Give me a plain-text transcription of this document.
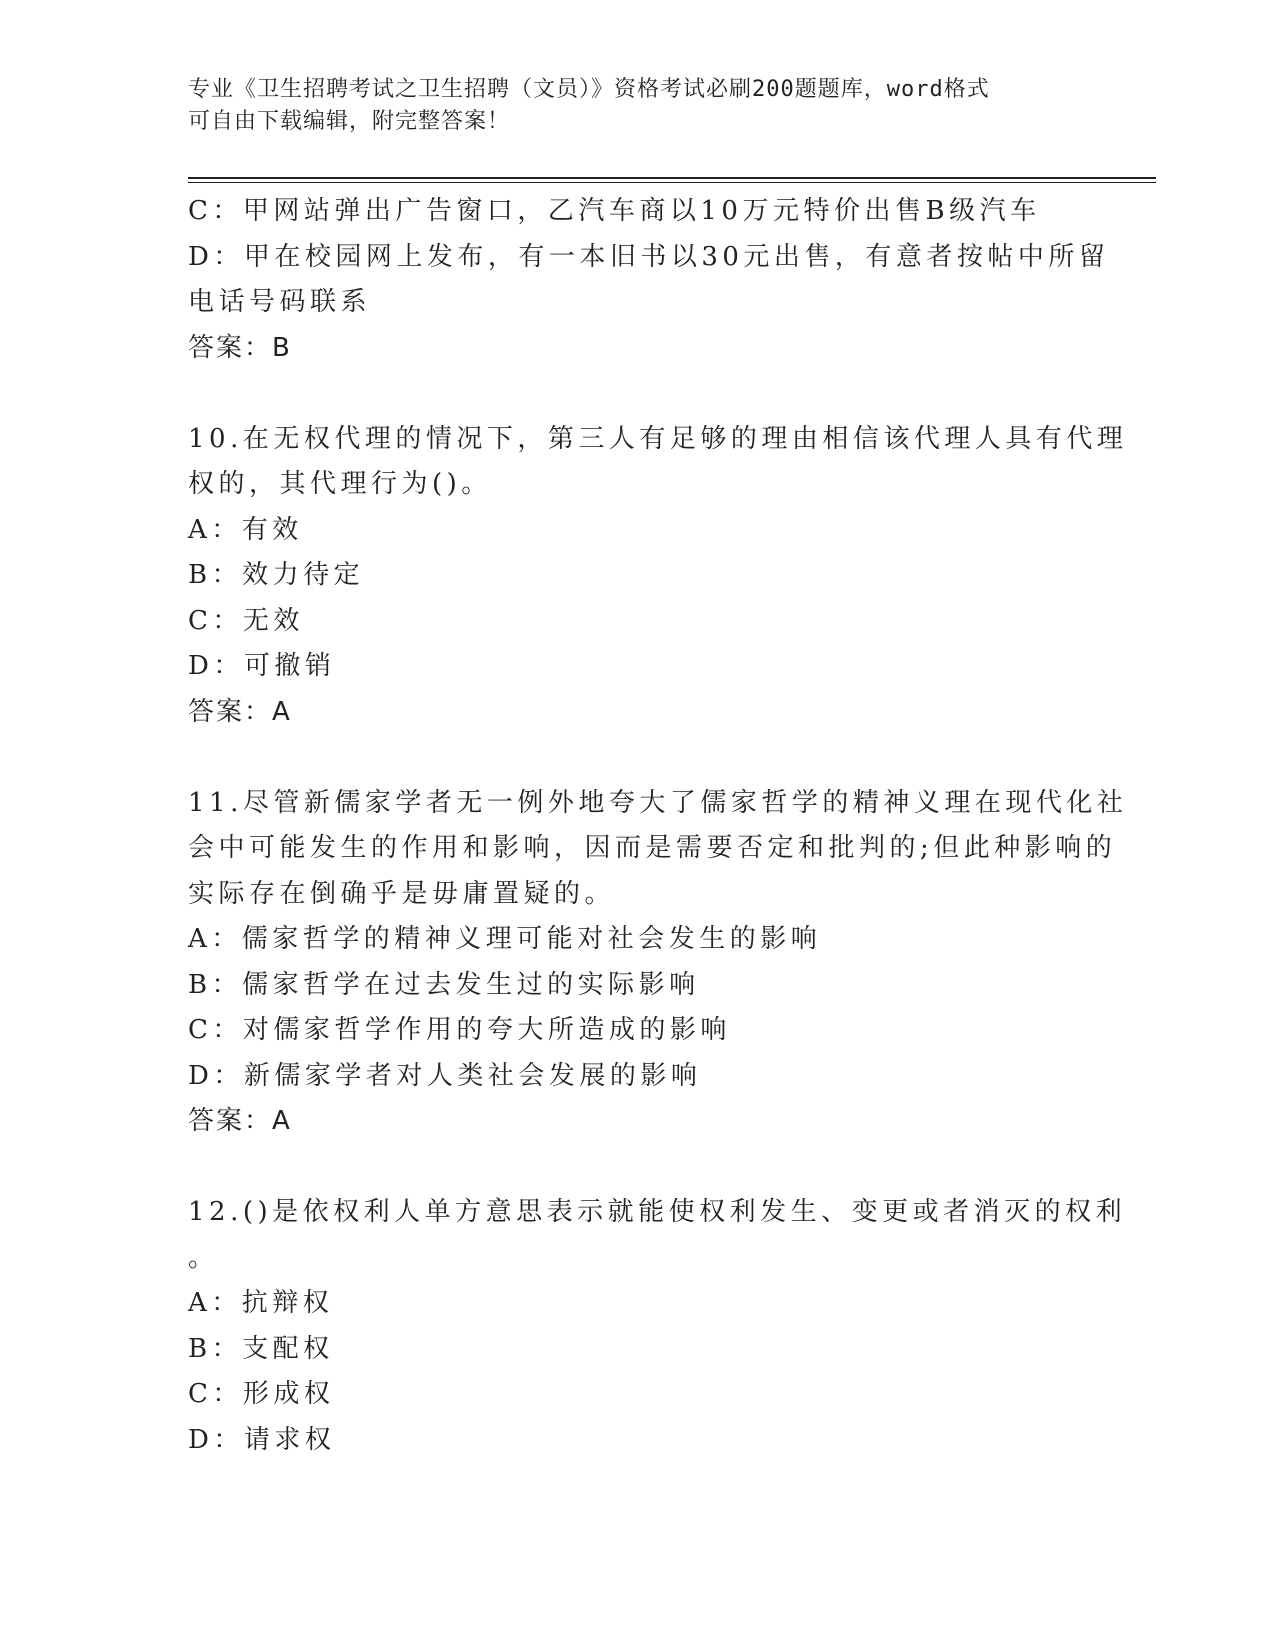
专业《卫生招聘考试之卫生招聘（文员）》资格考试必刷200题题库，word格式
可自由下载编辑，附完整答案！
C：甲网站弹出广告窗口，乙汽车商以10万元特价出售B级汽车
D：甲在校园网上发布，有一本旧书以30元出售，有意者按帖中所留
电话号码联系
答案：B
10.在无权代理的情况下，第三人有足够的理由相信该代理人具有代理
权的，其代理行为()。
A：有效
B：效力待定
C：无效
D：可撤销
答案：A
11.尽管新儒家学者无一例外地夸大了儒家哲学的精神义理在现代化社
会中可能发生的作用和影响，因而是需要否定和批判的;但此种影响的
实际存在倒确乎是毋庸置疑的。
A：儒家哲学的精神义理可能对社会发生的影响
B：儒家哲学在过去发生过的实际影响
C：对儒家哲学作用的夸大所造成的影响
D：新儒家学者对人类社会发展的影响
答案：A
12.()是依权利人单方意思表示就能使权利发生、变更或者消灭的权利
。
A：抗辩权
B：支配权
C：形成权
D：请求权
